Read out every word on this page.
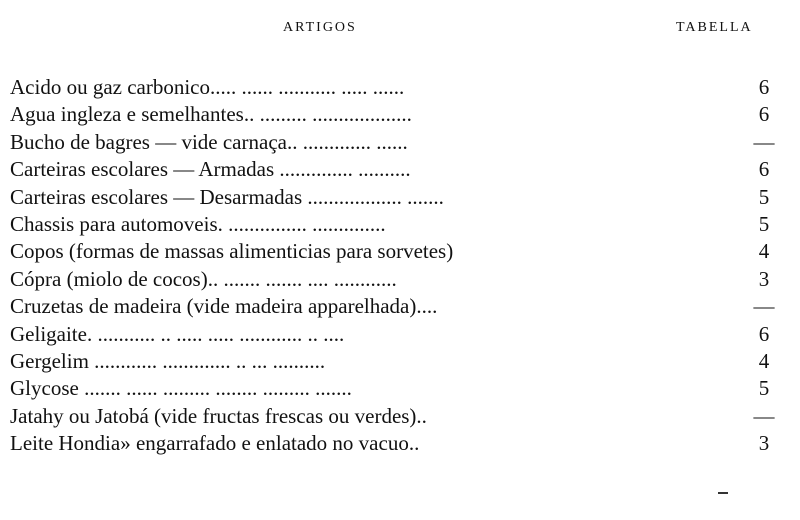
ARTIGOS	TABELLA
Acido ou gaz carbonico..... ...... ........... ..... ......	6
Agua ingleza e semelhantes.. ......... ...................	6
Bucho de bagres — vide carnaça.. ............. ......	—
Carteiras escolares — Armadas .............. ..........	6
Carteiras escolares — Desarmadas .................. .......	5
Chassis para automoveis. ............... ..............	5
Copos (formas de massas alimenticias para sorvetes)	4
Cópra (miolo de cocos).. ....... ....... .... ............	3
Cruzetas de madeira (vide madeira apparelhada)....	—
Geligaite. ........... .. ..... ..... ............ .. ....	6
Gergelim ............ ............. .. ... ..........	4
Glycose ....... ...... ......... ........ ......... .......	5
Jatahy ou Jatobá (vide fructas frescas ou verdes)..	—
Leite Hondia» engarrafado e enlatado no vacuo..	3
